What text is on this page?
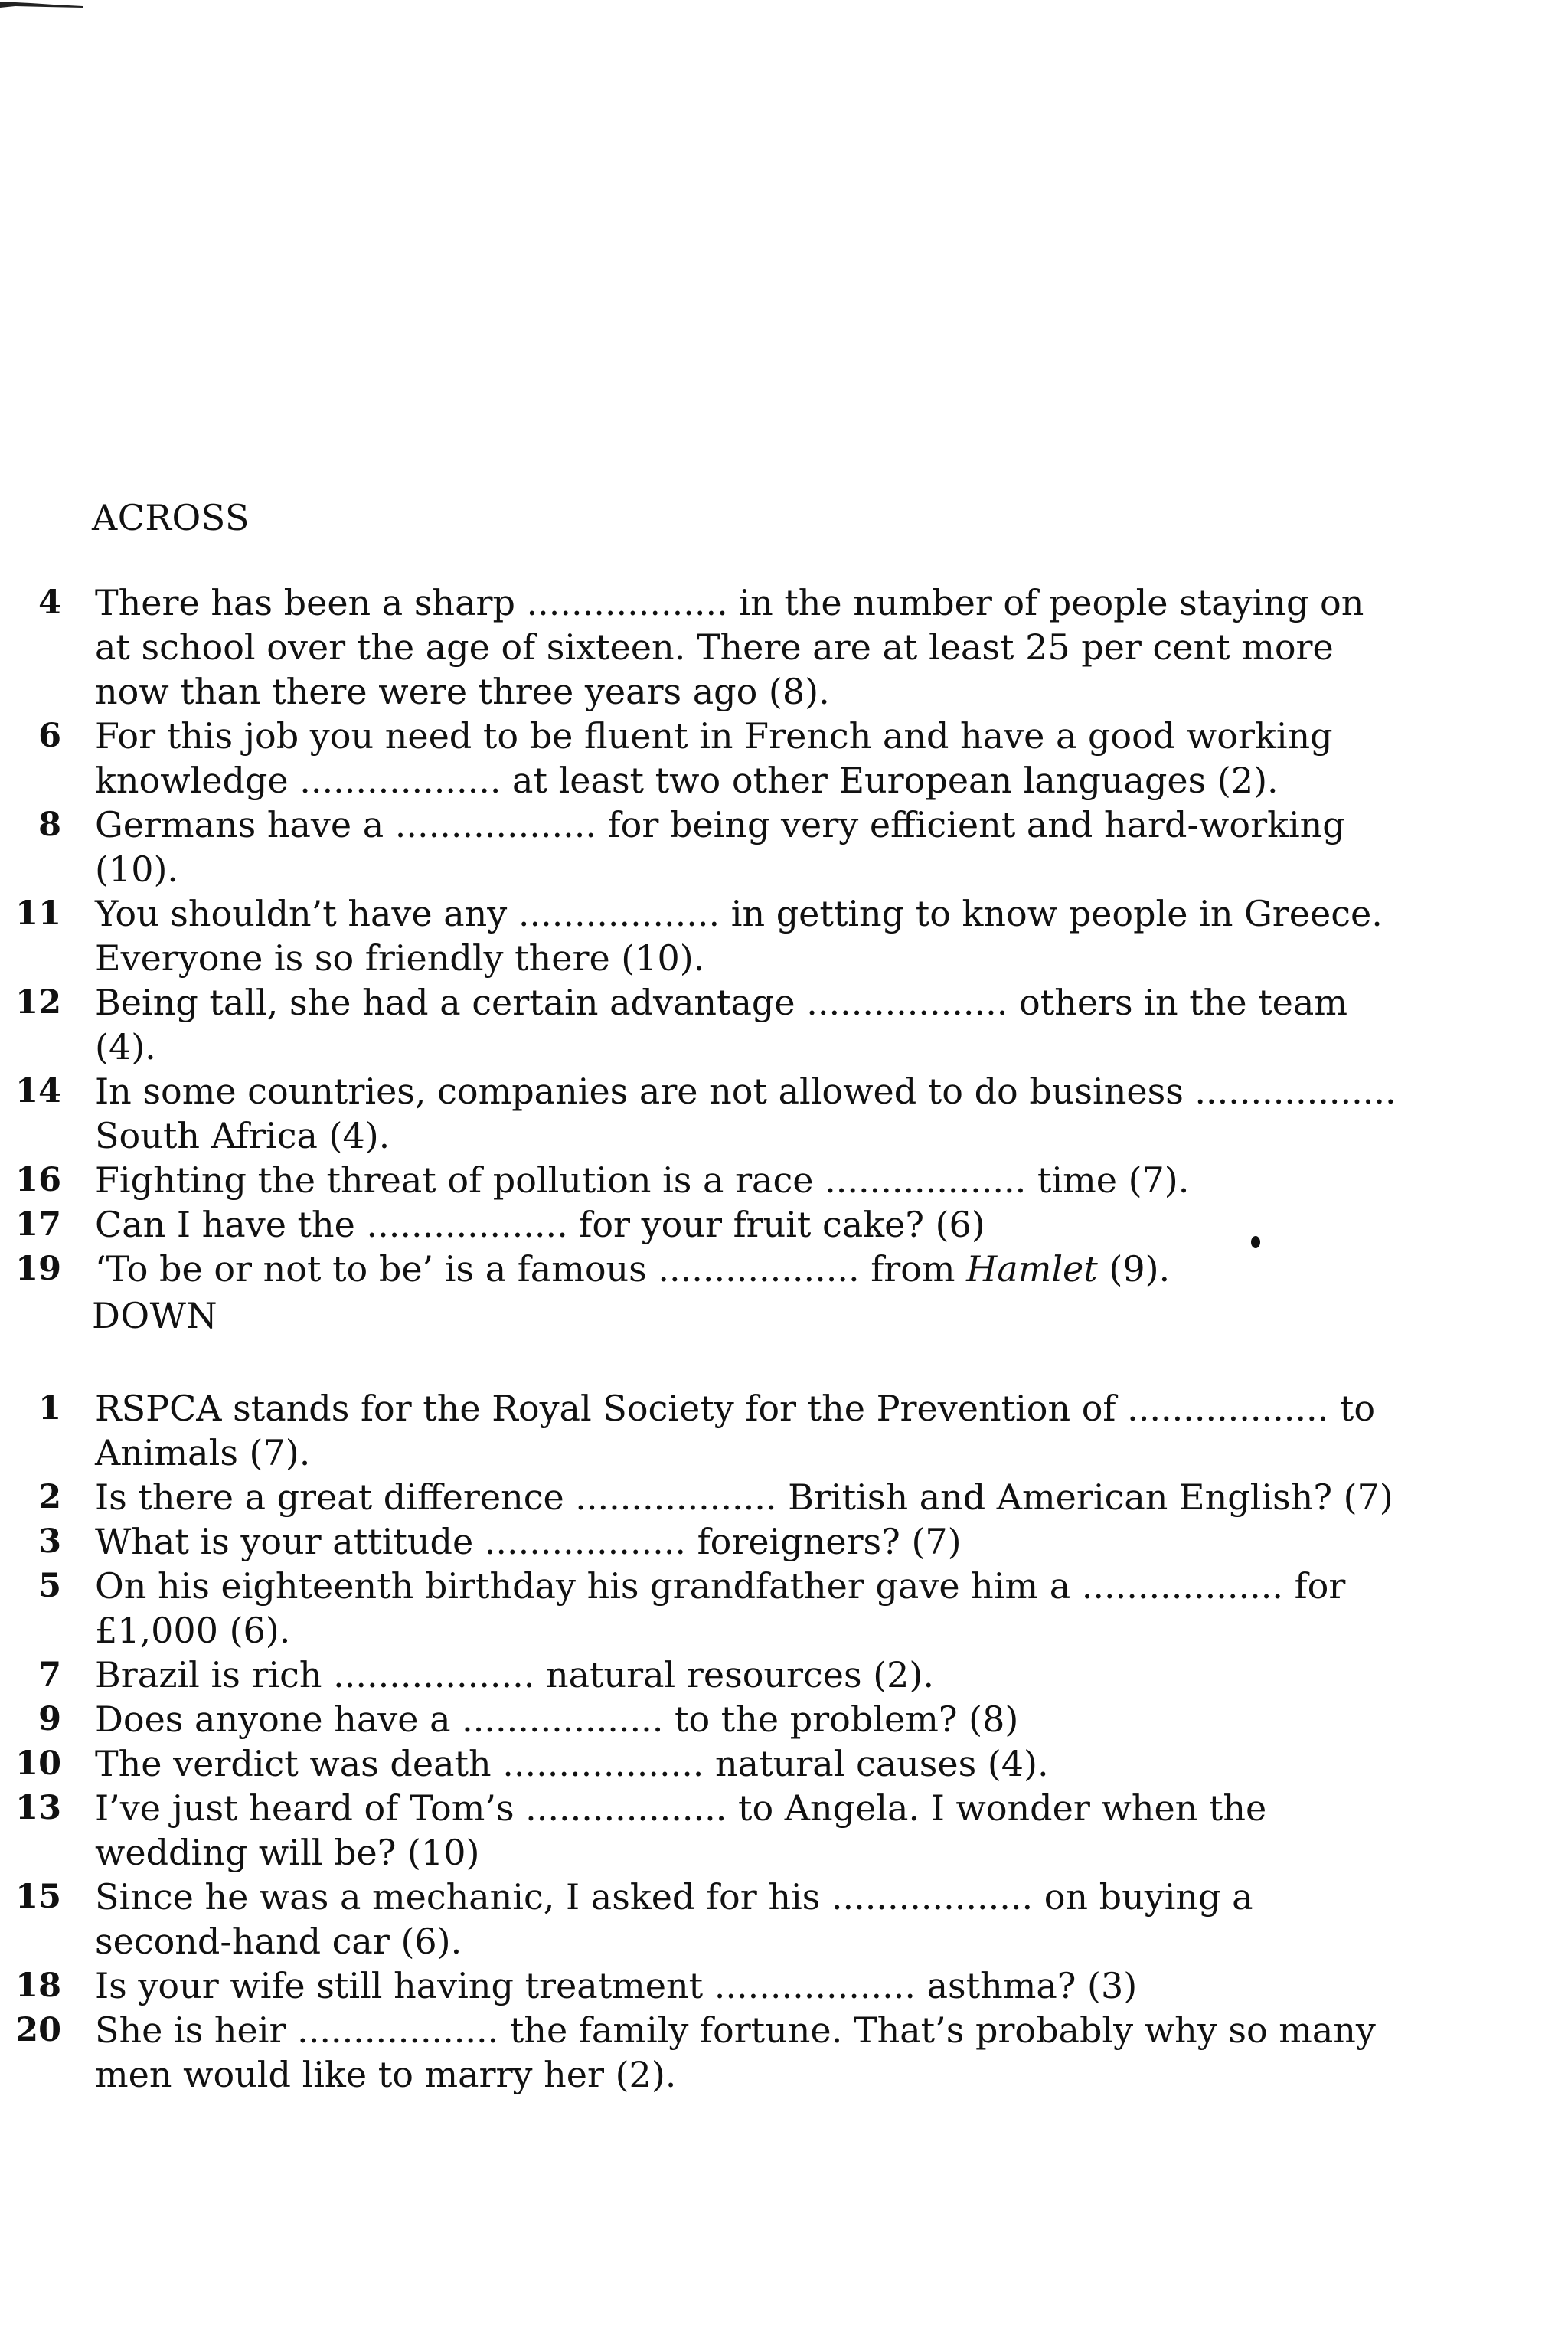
ACROSS
4 There has been a sharp .................. in the number of people staying on at school over the age of sixteen. There are at least 25 per cent more now than there were three years ago (8).
6 For this job you need to be fluent in French and have a good working knowledge .................. at least two other European languages (2).
8 Germans have a .................. for being very efficient and hard-working (10).
11 You shouldn’t have any .................. in getting to know people in Greece. Everyone is so friendly there (10).
12 Being tall, she had a certain advantage .................. others in the team (4).
14 In some countries, companies are not allowed to do business .................. South Africa (4).
16 Fighting the threat of pollution is a race .................. time (7).
17 Can I have the .................. for your fruit cake? (6)
19 ‘To be or not to be’ is a famous .................. from Hamlet (9).
DOWN
1 RSPCA stands for the Royal Society for the Prevention of .................. to Animals (7).
2 Is there a great difference .................. British and American English? (7)
3 What is your attitude .................. foreigners? (7)
5 On his eighteenth birthday his grandfather gave him a .................. for £1,000 (6).
7 Brazil is rich .................. natural resources (2).
9 Does anyone have a .................. to the problem? (8)
10 The verdict was death .................. natural causes (4).
13 I’ve just heard of Tom’s .................. to Angela. I wonder when the wedding will be? (10)
15 Since he was a mechanic, I asked for his .................. on buying a second-hand car (6).
18 Is your wife still having treatment .................. asthma? (3)
20 She is heir .................. the family fortune. That’s probably why so many men would like to marry her (2).
